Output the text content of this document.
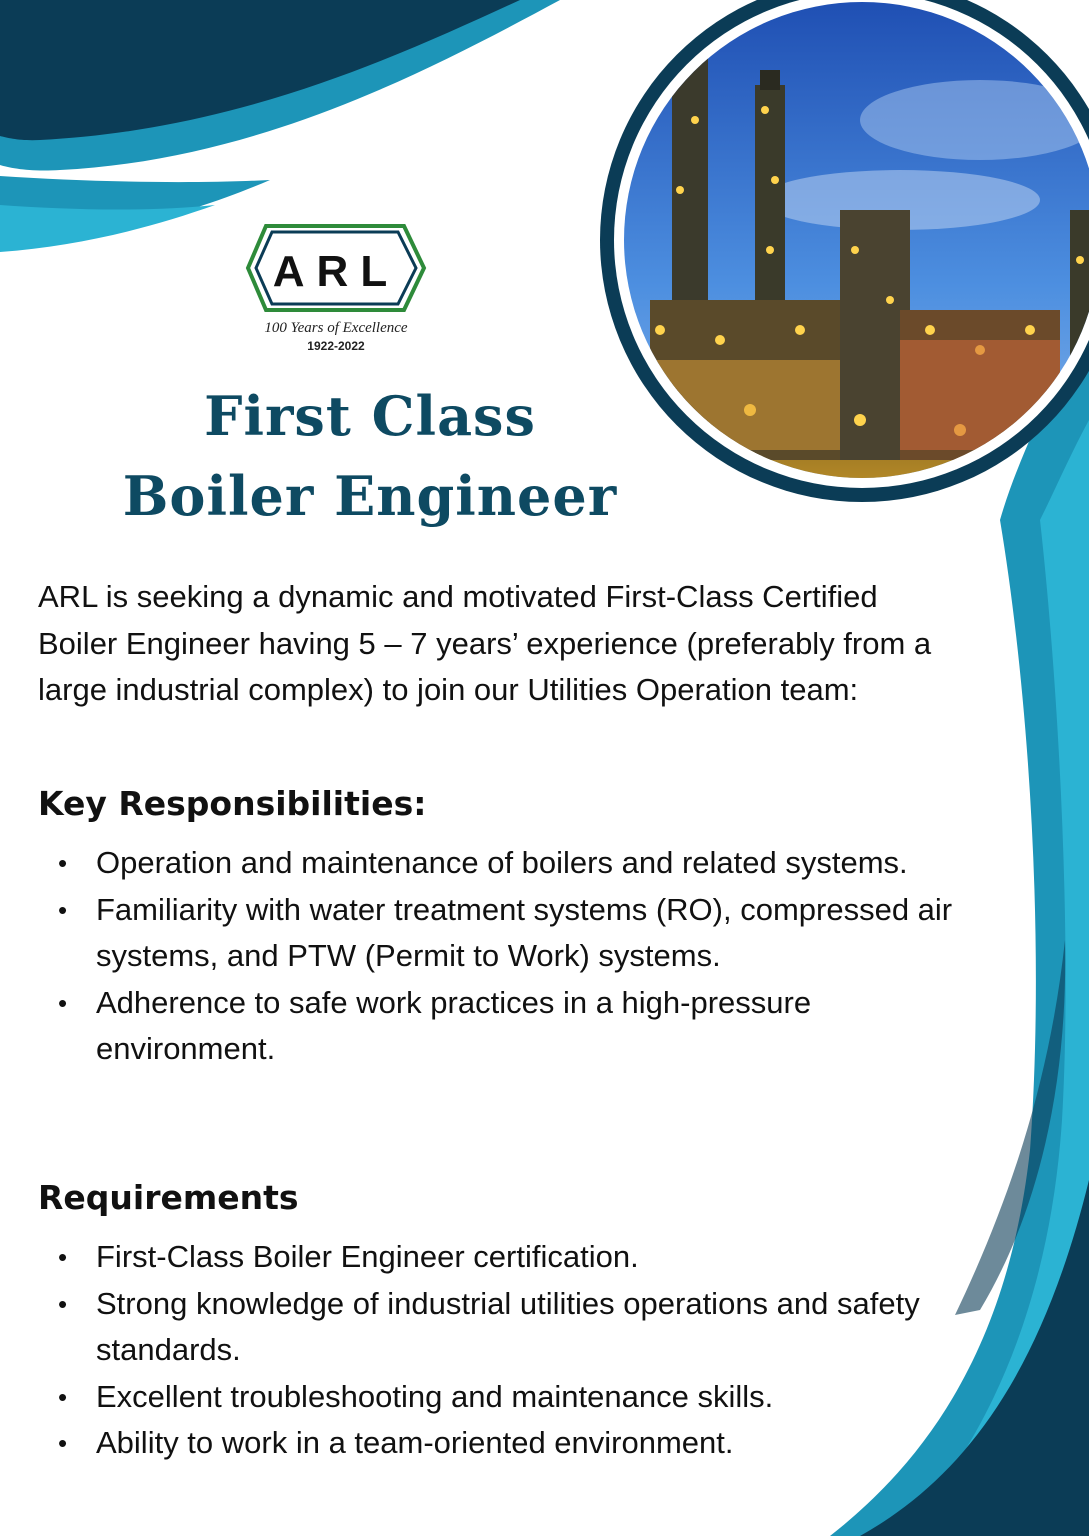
ARL
100 Years of Excellence
1922-2022
First Class
Boiler Engineer

ARL is seeking a dynamic and motivated First-Class Certified Boiler Engineer having 5 – 7 years’ experience (preferably from a large industrial complex) to join our Utilities Operation team:

Key Responsibilities:
• Operation and maintenance of boilers and related systems.
• Familiarity with water treatment systems (RO), compressed air systems, and PTW (Permit to Work) systems.
• Adherence to safe work practices in a high-pressure environment.
Requirements
• First-Class Boiler Engineer certification.
• Strong knowledge of industrial utilities operations and safety standards.
• Excellent troubleshooting and maintenance skills.
• Ability to work in a team-oriented environment.
